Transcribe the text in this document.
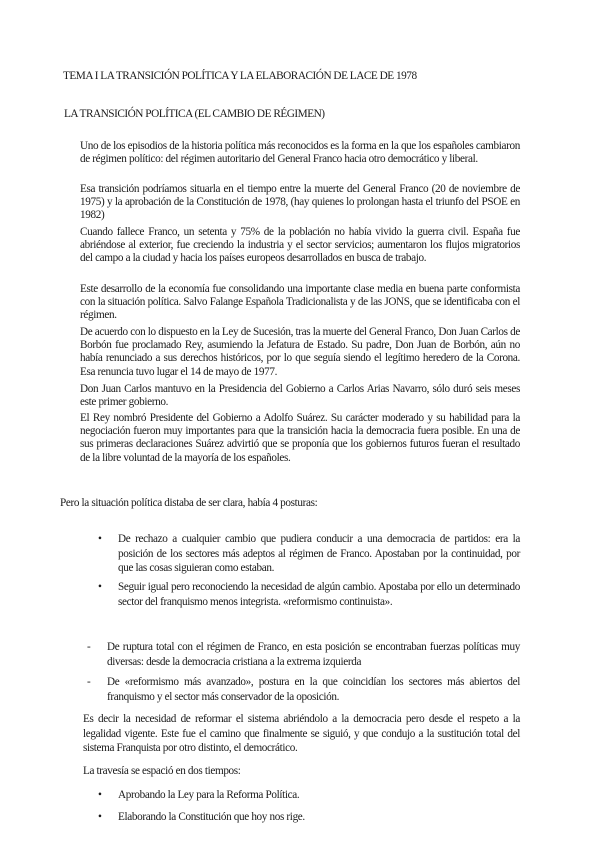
TEMA I LA TRANSICIÓN POLÍTICA Y LA ELABORACIÓN DE LACE DE 1978
LA TRANSICIÓN POLÍTICA (EL CAMBIO DE RÉGIMEN)

Uno de los episodios de la historia política más reconocidos es la forma en la que los españoles cambiaron de régimen político: del régimen autoritario del General Franco hacia otro democrático y liberal.

Esa transición podríamos situarla en el tiempo entre la muerte del General Franco (20 de noviembre de 1975) y la aprobación de la Constitución de 1978, (hay quienes lo prolongan hasta el triunfo del PSOE en 1982)

Cuando fallece Franco, un setenta y 75% de la población no había vivido la guerra civil. España fue abriéndose al exterior, fue creciendo la industria y el sector servicios; aumentaron los flujos migratorios del campo a la ciudad y hacia los países europeos desarrollados en busca de trabajo.

Este desarrollo de la economía fue consolidando una importante clase media en buena parte conformista con la situación política. Salvo Falange Española Tradicionalista y de las JONS, que se identificaba con el régimen.

De acuerdo con lo dispuesto en la Ley de Sucesión, tras la muerte del General Franco, Don Juan Carlos de Borbón fue proclamado Rey, asumiendo la Jefatura de Estado. Su padre, Don Juan de Borbón, aún no había renunciado a sus derechos históricos, por lo que seguía siendo el legítimo heredero de la Corona. Esa renuncia tuvo lugar el 14 de mayo de 1977.

Don Juan Carlos mantuvo en la Presidencia del Gobierno a Carlos Arias Navarro, sólo duró seis meses este primer gobierno.

El Rey nombró Presidente del Gobierno a Adolfo Suárez. Su carácter moderado y su habilidad para la negociación fueron muy importantes para que la transición hacia la democracia fuera posible. En una de sus primeras declaraciones Suárez advirtió que se proponía que los gobiernos futuros fueran el resultado de la libre voluntad de la mayoría de los españoles.

Pero la situación política distaba de ser clara, había 4 posturas:

• De rechazo a cualquier cambio que pudiera conducir a una democracia de partidos: era la posición de los sectores más adeptos al régimen de Franco. Apostaban por la continuidad, por que las cosas siguieran como estaban.
• Seguir igual pero reconociendo la necesidad de algún cambio. Apostaba por ello un determinado sector del franquismo menos integrista. «reformismo continuista».
- De ruptura total con el régimen de Franco, en esta posición se encontraban fuerzas políticas muy diversas: desde la democracia cristiana a la extrema izquierda
- De «reformismo más avanzado», postura en la que coincidían los sectores más abiertos del franquismo y el sector más conservador de la oposición.

Es decir la necesidad de reformar el sistema abriéndolo a la democracia pero desde el respeto a la legalidad vigente. Este fue el camino que finalmente se siguió, y que condujo a la sustitución total del sistema Franquista por otro distinto, el democrático.

La travesía se espació en dos tiempos:

• Aprobando la Ley para la Reforma Política.
• Elaborando la Constitución que hoy nos rige.
